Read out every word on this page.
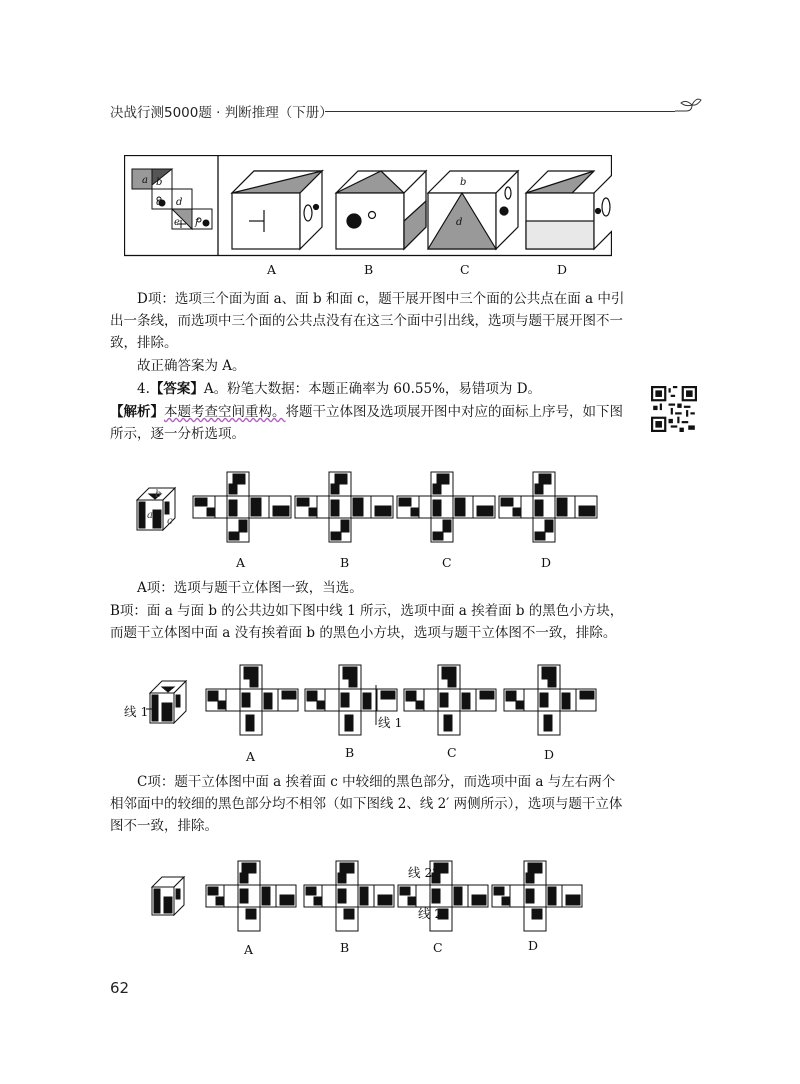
决战行测5000题 · 判断推理（下册）
a b
c d
e f
b
d
A	B	C	D

D项：选项三个面为面 a、面 b 和面 c，题干展开图中三个面的公共点在面 a 中引出一条线，而选项中三个面的公共点没有在这三个面中引出线，选项与题干展开图不一致，排除。

故正确答案为 A。

4.【答案】A。粉笔大数据：本题正确率为 60.55%，易错项为 D。

【解析】本题考查空间重构。将题干立体图及选项展开图中对应的面标上序号，如下图所示，逐一分析选项。

a
b
c
A	B	C	D

A项：选项与题干立体图一致，当选。

B项：面 a 与面 b 的公共边如下图中线 1 所示，选项中面 a 挨着面 b 的黑色小方块，而题干立体图中面 a 没有挨着面 b 的黑色小方块，选项与题干立体图不一致，排除。

线 1
线 1
A	B	C	D

C项：题干立体图中面 a 挨着面 c 中较细的黑色部分，而选项中面 a 与左右两个相邻面中的较细的黑色部分均不相邻（如下图线 2、线 2′ 两侧所示），选项与题干立体图不一致，排除。

线 2′
线 2
A	B	C	D
62
